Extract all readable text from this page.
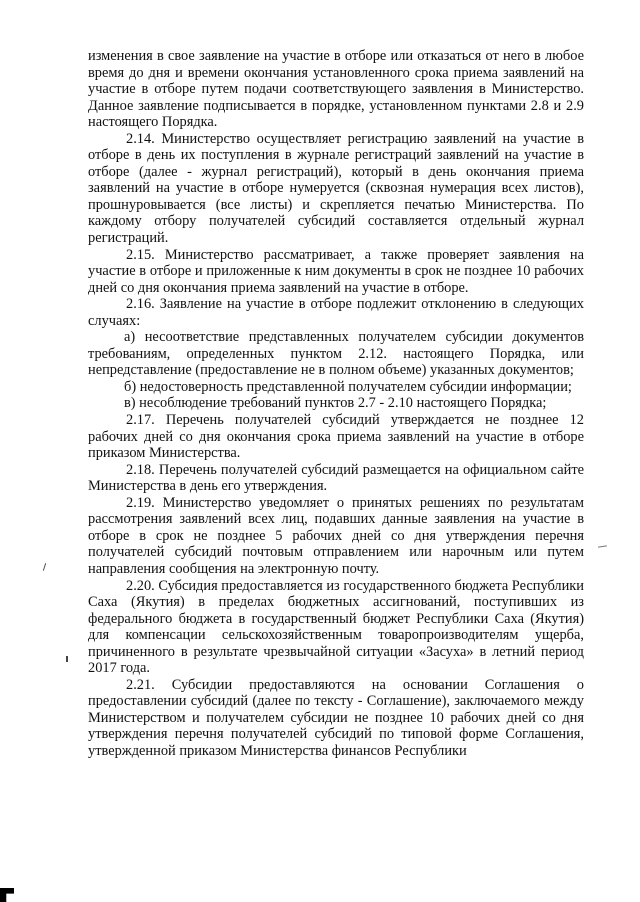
изменения в свое заявление на участие в отборе или отказаться от него в любое время до дня и времени окончания установленного срока приема заявлений на участие в отборе путем подачи соответствующего заявления в Министерство. Данное заявление подписывается в порядке, установленном пунктами 2.8 и 2.9 настоящего Порядка.

2.14. Министерство осуществляет регистрацию заявлений на участие в отборе в день их поступления в журнале регистраций заявлений на участие в отборе (далее - журнал регистраций), который в день окончания приема заявлений на участие в отборе нумеруется (сквозная нумерация всех листов), прошнуровывается (все листы) и скрепляется печатью Министерства. По каждому отбору получателей субсидий составляется отдельный журнал регистраций.

2.15. Министерство рассматривает, а также проверяет заявления на участие в отборе и приложенные к ним документы в срок не позднее 10 рабочих дней со дня окончания приема заявлений на участие в отборе.

2.16. Заявление на участие в отборе подлежит отклонению в следующих случаях:

а) несоответствие представленных получателем субсидии документов требованиям, определенных пунктом 2.12. настоящего Порядка, или непредставление (предоставление не в полном объеме) указанных документов;

б) недостоверность представленной получателем субсидии информации;

в) несоблюдение требований пунктов 2.7 - 2.10 настоящего Порядка;

2.17. Перечень получателей субсидий утверждается не позднее 12 рабочих дней со дня окончания срока приема заявлений на участие в отборе приказом Министерства.

2.18. Перечень получателей субсидий размещается на официальном сайте Министерства в день его утверждения.

2.19. Министерство уведомляет о принятых решениях по результатам рассмотрения заявлений всех лиц, подавших данные заявления на участие в отборе в срок не позднее 5 рабочих дней со дня утверждения перечня получателей субсидий почтовым отправлением или нарочным или путем направления сообщения на электронную почту.

2.20. Субсидия предоставляется из государственного бюджета Республики Саха (Якутия) в пределах бюджетных ассигнований, поступивших из федерального бюджета в государственный бюджет Республики Саха (Якутия) для компенсации сельскохозяйственным товаропроизводителям ущерба, причиненного в результате чрезвычайной ситуации «Засуха» в летний период 2017 года.

2.21. Субсидии предоставляются на основании Соглашения о предоставлении субсидий (далее по тексту - Соглашение), заключаемого между Министерством и получателем субсидии не позднее 10 рабочих дней со дня утверждения перечня получателей субсидий по типовой форме Соглашения, утвержденной приказом Министерства финансов Республики
